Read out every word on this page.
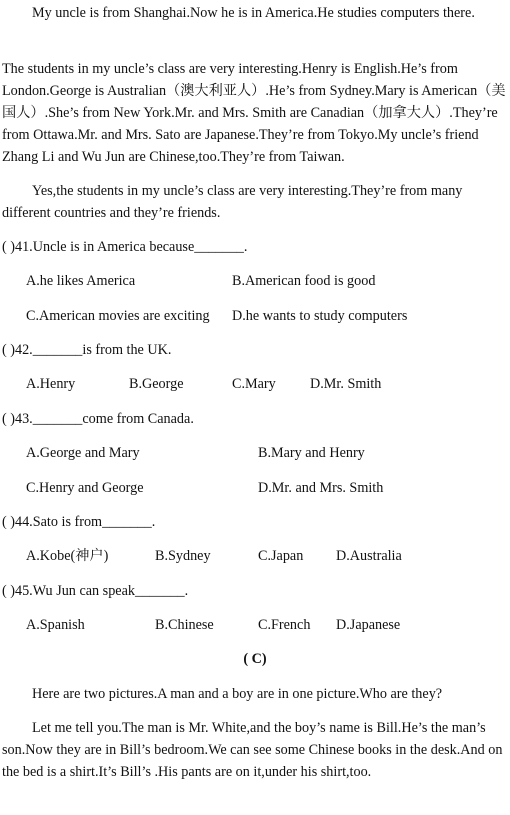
My uncle is from Shanghai.Now he is in America.He studies computers there.

The students in my uncle’s class are very interesting.Henry is English.He’s from London.George is Australian（澳大利亚人）.He’s from Sydney.Mary is American（美国人）.She’s from New York.Mr. and Mrs. Smith are Canadian（加拿大人）.They’re from Ottawa.Mr. and Mrs. Sato are Japanese.They’re from Tokyo.My uncle’s friend Zhang Li and Wu Jun are Chinese,too.They’re from Taiwan.

Yes,the students in my uncle’s class are very interesting.They’re from many different countries and they’re friends.

( )41.Uncle is in America because_______.
A.he likes America	B.American food is good
C.American movies are exciting D.he wants to study computers
( )42._______is from the UK.
A.Henry	B.George	C.Mary D.Mr. Smith
( )43._______come from Canada.
A.George and Mary	B.Mary and Henry
C.Henry and George	D.Mr. and Mrs. Smith
( )44.Sato is from_______.
A.Kobe(神户)	B.Sydney	C.Japan D.Australia
( )45.Wu Jun can speak_______.
A.Spanish	B.Chinese	C.French D.Japanese
( C)

Here are two pictures.A man and a boy are in one picture.Who are they?

Let me tell you.The man is Mr. White,and the boy’s name is Bill.He’s the man’s son.Now they are in Bill’s bedroom.We can see some Chinese books in the desk.And on the bed is a shirt.It’s Bill’s .His pants are on it,under his shirt,too.
